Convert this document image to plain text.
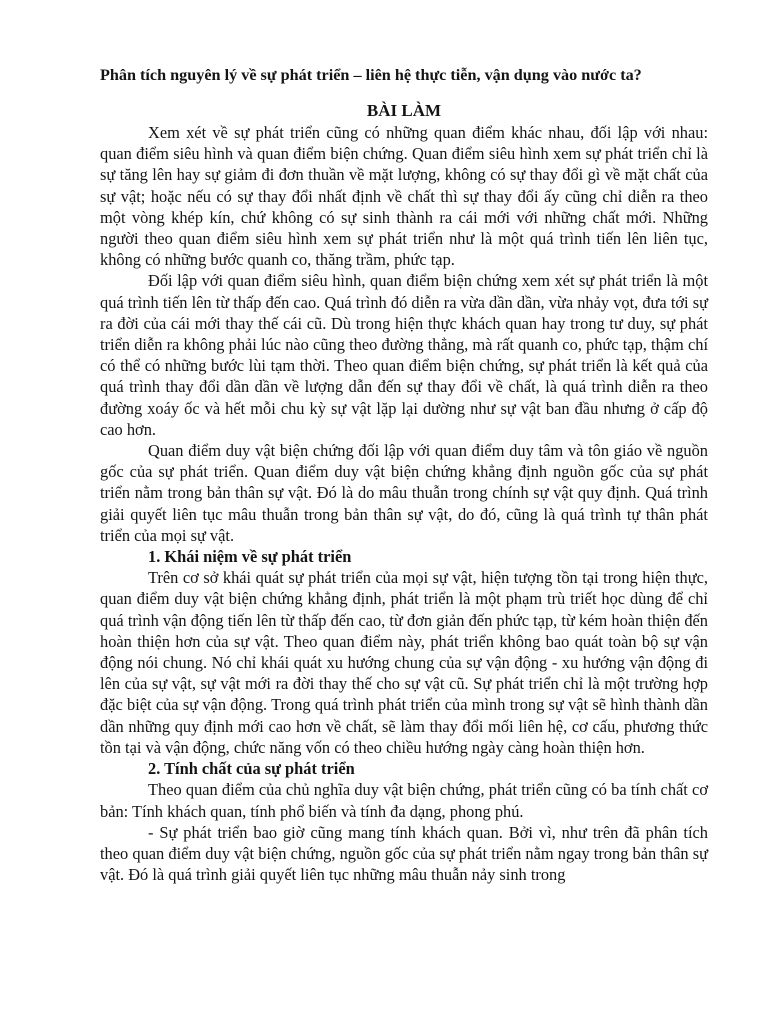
Phân tích nguyên lý về sự phát triển – liên hệ thực tiễn, vận dụng vào nước ta?

BÀI LÀM

Xem xét về sự phát triển cũng có những quan điểm khác nhau, đối lập với nhau: quan điểm siêu hình và quan điểm biện chứng. Quan điểm siêu hình xem sự phát triển chỉ là sự tăng lên hay sự giảm đi đơn thuần về mặt lượng, không có sự thay đổi gì về mặt chất của sự vật; hoặc nếu có sự thay đổi nhất định về chất thì sự thay đổi ấy cũng chỉ diễn ra theo một vòng khép kín, chứ không có sự sinh thành ra cái mới với những chất mới. Những người theo quan điểm siêu hình xem sự phát triển như là một quá trình tiến lên liên tục, không có những bước quanh co, thăng trầm, phức tạp.

Đối lập với quan điểm siêu hình, quan điểm biện chứng xem xét sự phát triển là một quá trình tiến lên từ thấp đến cao. Quá trình đó diễn ra vừa dần dần, vừa nhảy vọt, đưa tới sự ra đời của cái mới thay thế cái cũ. Dù trong hiện thực khách quan hay trong tư duy, sự phát triển diễn ra không phải lúc nào cũng theo đường thẳng, mà rất quanh co, phức tạp, thậm chí có thể có những bước lùi tạm thời. Theo quan điểm biện chứng, sự phát triển là kết quả của quá trình thay đổi dần dần về lượng dẫn đến sự thay đổi về chất, là quá trình diễn ra theo đường xoáy ốc và hết mỗi chu kỳ sự vật lặp lại dường như sự vật ban đầu nhưng ở cấp độ cao hơn.

Quan điểm duy vật biện chứng đối lập với quan điểm duy tâm và tôn giáo về nguồn gốc của sự phát triển. Quan điểm duy vật biện chứng khẳng định nguồn gốc của sự phát triển nằm trong bản thân sự vật. Đó là do mâu thuẫn trong chính sự vật quy định. Quá trình giải quyết liên tục mâu thuẫn trong bản thân sự vật, do đó, cũng là quá trình tự thân phát triển của mọi sự vật.

1. Khái niệm về sự phát triển

Trên cơ sở khái quát sự phát triển của mọi sự vật, hiện tượng tồn tại trong hiện thực, quan điểm duy vật biện chứng khẳng định, phát triển là một phạm trù triết học dùng để chỉ quá trình vận động tiến lên từ thấp đến cao, từ đơn giản đến phức tạp, từ kém hoàn thiện đến hoàn thiện hơn của sự vật. Theo quan điểm này, phát triển không bao quát toàn bộ sự vận động nói chung. Nó chỉ khái quát xu hướng chung của sự vận động - xu hướng vận động đi lên của sự vật, sự vật mới ra đời thay thế cho sự vật cũ. Sự phát triển chỉ là một trường hợp đặc biệt của sự vận động. Trong quá trình phát triển của mình trong sự vật sẽ hình thành dần dần những quy định mới cao hơn về chất, sẽ làm thay đổi mối liên hệ, cơ cấu, phương thức tồn tại và vận động, chức năng vốn có theo chiều hướng ngày càng hoàn thiện hơn.

2. Tính chất của sự phát triển

Theo quan điểm của chủ nghĩa duy vật biện chứng, phát triển cũng có ba tính chất cơ bản: Tính khách quan, tính phổ biến và tính đa dạng, phong phú.

- Sự phát triển bao giờ cũng mang tính khách quan. Bởi vì, như trên đã phân tích theo quan điểm duy vật biện chứng, nguồn gốc của sự phát triển nằm ngay trong bản thân sự vật. Đó là quá trình giải quyết liên tục những mâu thuẫn nảy sinh trong
